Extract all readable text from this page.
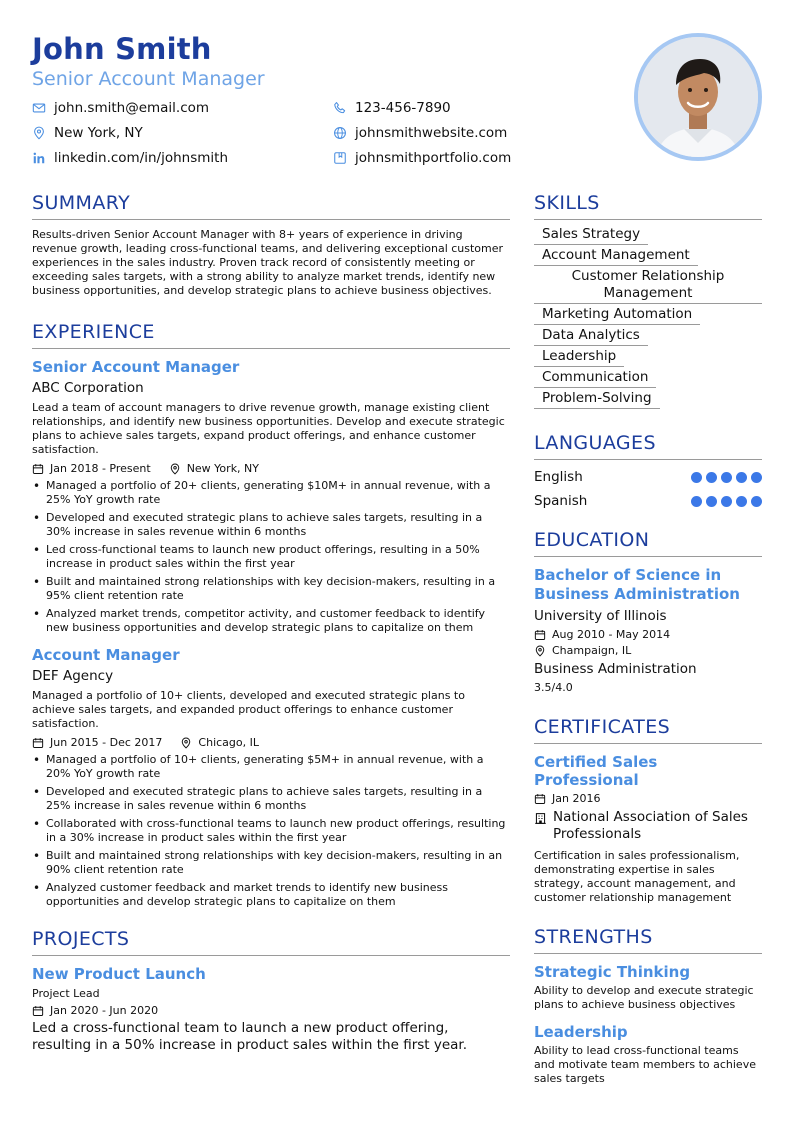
John Smith
Senior Account Manager
john.smith@email.com	123-456-7890
New York, NY	johnsmithwebsite.com
linkedin.com/in/johnsmith	johnsmithportfolio.com
SUMMARY

Results-driven Senior Account Manager with 8+ years of experience in driving revenue growth, leading cross-functional teams, and delivering exceptional customer experiences in the sales industry. Proven track record of consistently meeting or exceeding sales targets, with a strong ability to analyze market trends, identify new business opportunities, and develop strategic plans to achieve business objectives.

EXPERIENCE
Senior Account Manager
ABC Corporation

Lead a team of account managers to drive revenue growth, manage existing client relationships, and identify new business opportunities. Develop and execute strategic plans to achieve sales targets, expand product offerings, and enhance customer satisfaction.

Jan 2018 - Present	New York, NY
• Managed a portfolio of 20+ clients, generating $10M+ in annual revenue, with a 25% YoY growth rate
• Developed and executed strategic plans to achieve sales targets, resulting in a 30% increase in sales revenue within 6 months
• Led cross-functional teams to launch new product offerings, resulting in a 50% increase in product sales within the first year
• Built and maintained strong relationships with key decision-makers, resulting in a 95% client retention rate
• Analyzed market trends, competitor activity, and customer feedback to identify new business opportunities and develop strategic plans to capitalize on them
Account Manager
DEF Agency

Managed a portfolio of 10+ clients, developed and executed strategic plans to achieve sales targets, and expanded product offerings to enhance customer satisfaction.

Jun 2015 - Dec 2017	Chicago, IL
• Managed a portfolio of 10+ clients, generating $5M+ in annual revenue, with a 20% YoY growth rate
• Developed and executed strategic plans to achieve sales targets, resulting in a 25% increase in sales revenue within 6 months
• Collaborated with cross-functional teams to launch new product offerings, resulting in a 30% increase in product sales within the first year
• Built and maintained strong relationships with key decision-makers, resulting in an 90% client retention rate
• Analyzed customer feedback and market trends to identify new business opportunities and develop strategic plans to capitalize on them
PROJECTS
New Product Launch
Project Lead
Jan 2020 - Jun 2020

Led a cross-functional team to launch a new product offering, resulting in a 50% increase in product sales within the first year.

SKILLS
Sales Strategy
Account Management
Customer Relationship Management
Marketing Automation
Data Analytics
Leadership
Communication
Problem-Solving
LANGUAGES
English
Spanish
EDUCATION
Bachelor of Science in Business Administration
University of Illinois
Aug 2010 - May 2014
Champaign, IL
Business Administration
3.5/4.0
CERTIFICATES
Certified Sales Professional
Jan 2016
National Association of Sales Professionals

Certification in sales professionalism, demonstrating expertise in sales strategy, account management, and customer relationship management

STRENGTHS
Strategic Thinking

Ability to develop and execute strategic plans to achieve business objectives

Leadership

Ability to lead cross-functional teams and motivate team members to achieve sales targets
